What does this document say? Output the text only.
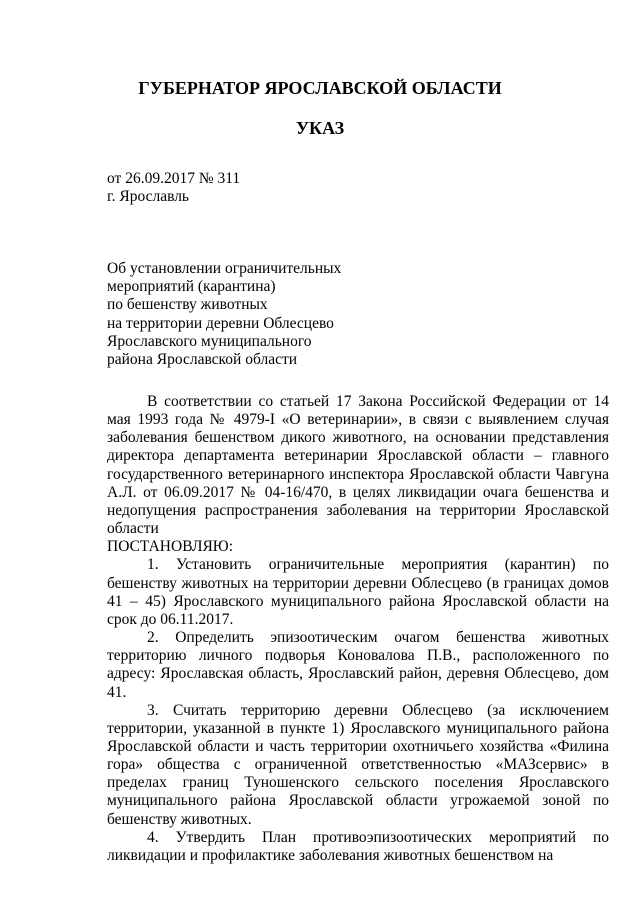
ГУБЕРНАТОР ЯРОСЛАВСКОЙ ОБЛАСТИ
УКАЗ
от 26.09.2017 № 311
г. Ярославль
Об установлении ограничительных
мероприятий (карантина)
по бешенству животных
на территории деревни Облесцево
Ярославского муниципального
района Ярославской области

В соответствии со статьей 17 Закона Российской Федерации от 14 мая 1993 года № 4979-I «О ветеринарии», в связи с выявлением случая заболевания бешенством дикого животного, на основании представления директора департамента ветеринарии Ярославской области – главного государственного ветеринарного инспектора Ярославской области Чавгуна А.Л. от 06.09.2017 № 04-16/470, в целях ликвидации очага бешенства и недопущения распространения заболевания на территории Ярославской области

ПОСТАНОВЛЯЮ:

1. Установить ограничительные мероприятия (карантин) по бешенству животных на территории деревни Облесцево (в границах домов 41 – 45) Ярославского муниципального района Ярославской области на срок до 06.11.2017.

2. Определить эпизоотическим очагом бешенства животных территорию личного подворья Коновалова П.В., расположенного по адресу: Ярославская область, Ярославский район, деревня Облесцево, дом 41.

3. Считать территорию деревни Облесцево (за исключением территории, указанной в пункте 1) Ярославского муниципального района Ярославской области и часть территории охотничьего хозяйства «Филина гора» общества с ограниченной ответственностью «МАЗсервис» в пределах границ Туношенского сельского поселения Ярославского муниципального района Ярославской области угрожаемой зоной по бешенству животных.

4. Утвердить План противоэпизоотических мероприятий по ликвидации и профилактике заболевания животных бешенством на
